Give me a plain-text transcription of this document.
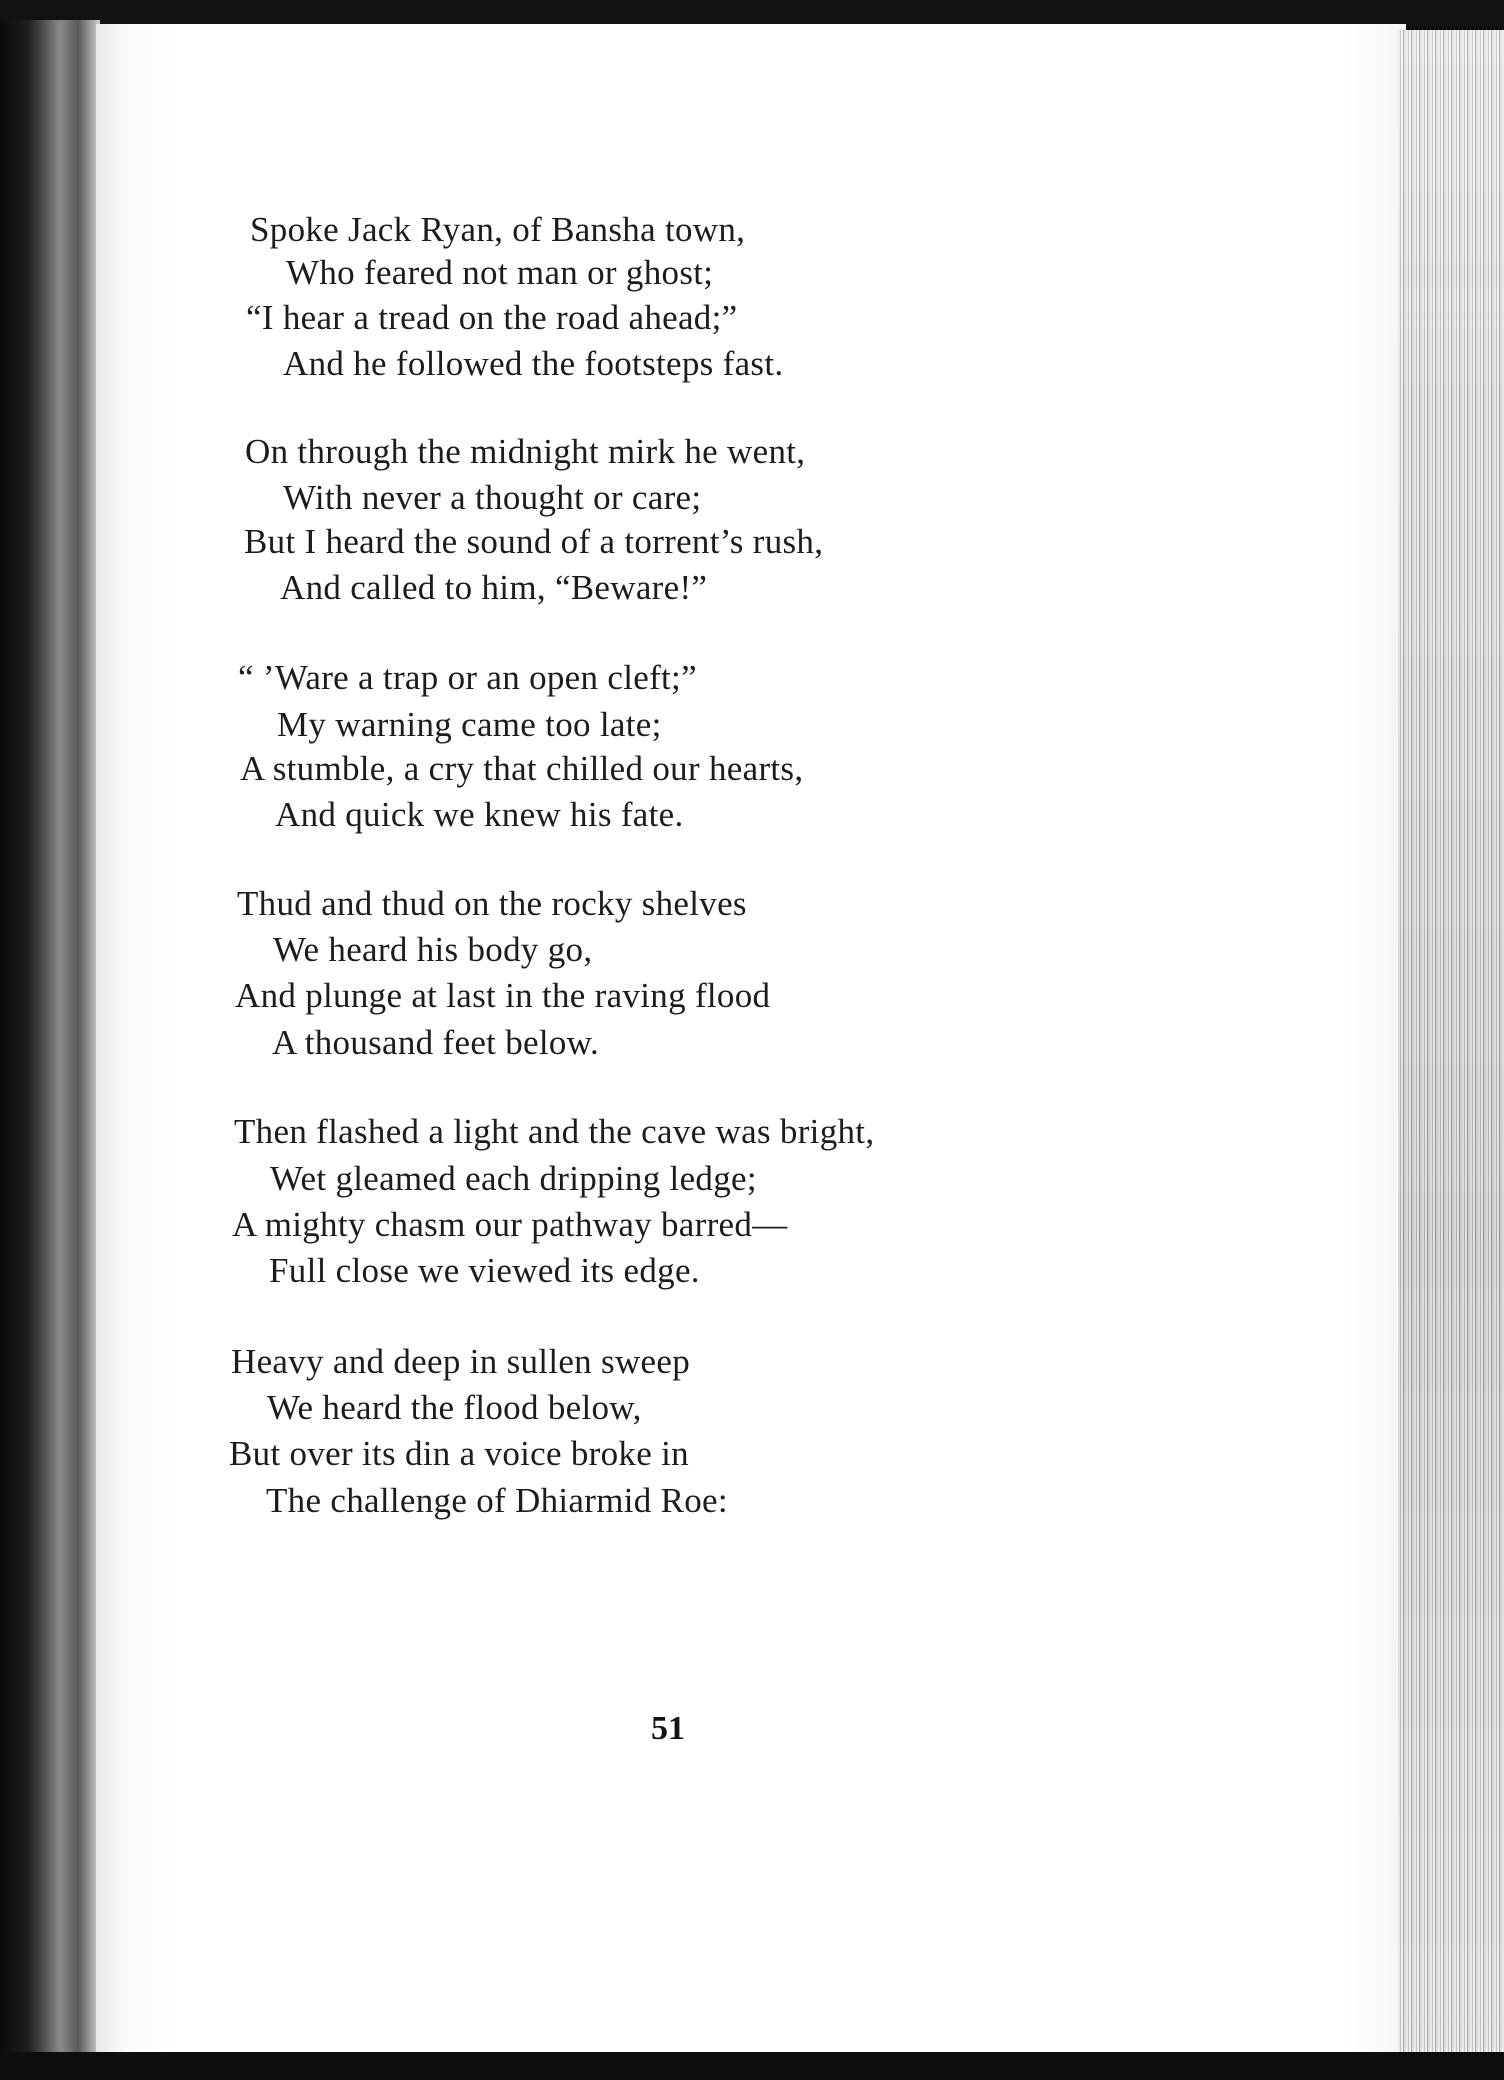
Spoke Jack Ryan, of Bansha town,
Who feared not man or ghost;
“I hear a tread on the road ahead;”
And he followed the footsteps fast.
On through the midnight mirk he went,
With never a thought or care;
But I heard the sound of a torrent’s rush,
And called to him, “Beware!”
“ ’Ware a trap or an open cleft;”
My warning came too late;
A stumble, a cry that chilled our hearts,
And quick we knew his fate.
Thud and thud on the rocky shelves
We heard his body go,
And plunge at last in the raving flood
A thousand feet below.
Then flashed a light and the cave was bright,
Wet gleamed each dripping ledge;
A mighty chasm our pathway barred—
Full close we viewed its edge.
Heavy and deep in sullen sweep
We heard the flood below,
But over its din a voice broke in
The challenge of Dhiarmid Roe:
51
